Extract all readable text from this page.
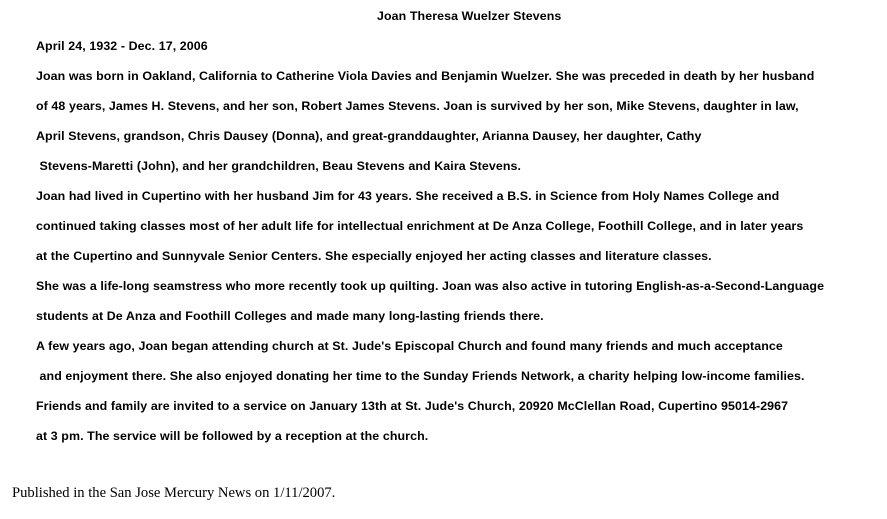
Joan Theresa Wuelzer Stevens
April 24, 1932 - Dec. 17, 2006
Joan was born in Oakland, California to Catherine Viola Davies and Benjamin Wuelzer. She was preceded in death by her husband
of 48 years, James H. Stevens, and her son, Robert James Stevens. Joan is survived by her son, Mike Stevens, daughter in law,
April Stevens, grandson, Chris Dausey (Donna), and great-granddaughter, Arianna Dausey, her daughter, Cathy
Stevens-Maretti (John), and her grandchildren, Beau Stevens and Kaira Stevens.
Joan had lived in Cupertino with her husband Jim for 43 years. She received a B.S. in Science from Holy Names College and
continued taking classes most of her adult life for intellectual enrichment at De Anza College, Foothill College, and in later years
at the Cupertino and Sunnyvale Senior Centers. She especially enjoyed her acting classes and literature classes.
She was a life-long seamstress who more recently took up quilting. Joan was also active in tutoring English-as-a-Second-Language
students at De Anza and Foothill Colleges and made many long-lasting friends there.
A few years ago, Joan began attending church at St. Jude's Episcopal Church and found many friends and much acceptance
and enjoyment there. She also enjoyed donating her time to the Sunday Friends Network, a charity helping low-income families.
Friends and family are invited to a service on January 13th at St. Jude's Church, 20920 McClellan Road, Cupertino 95014-2967
at 3 pm. The service will be followed by a reception at the church.
Published in the San Jose Mercury News on 1/11/2007.
